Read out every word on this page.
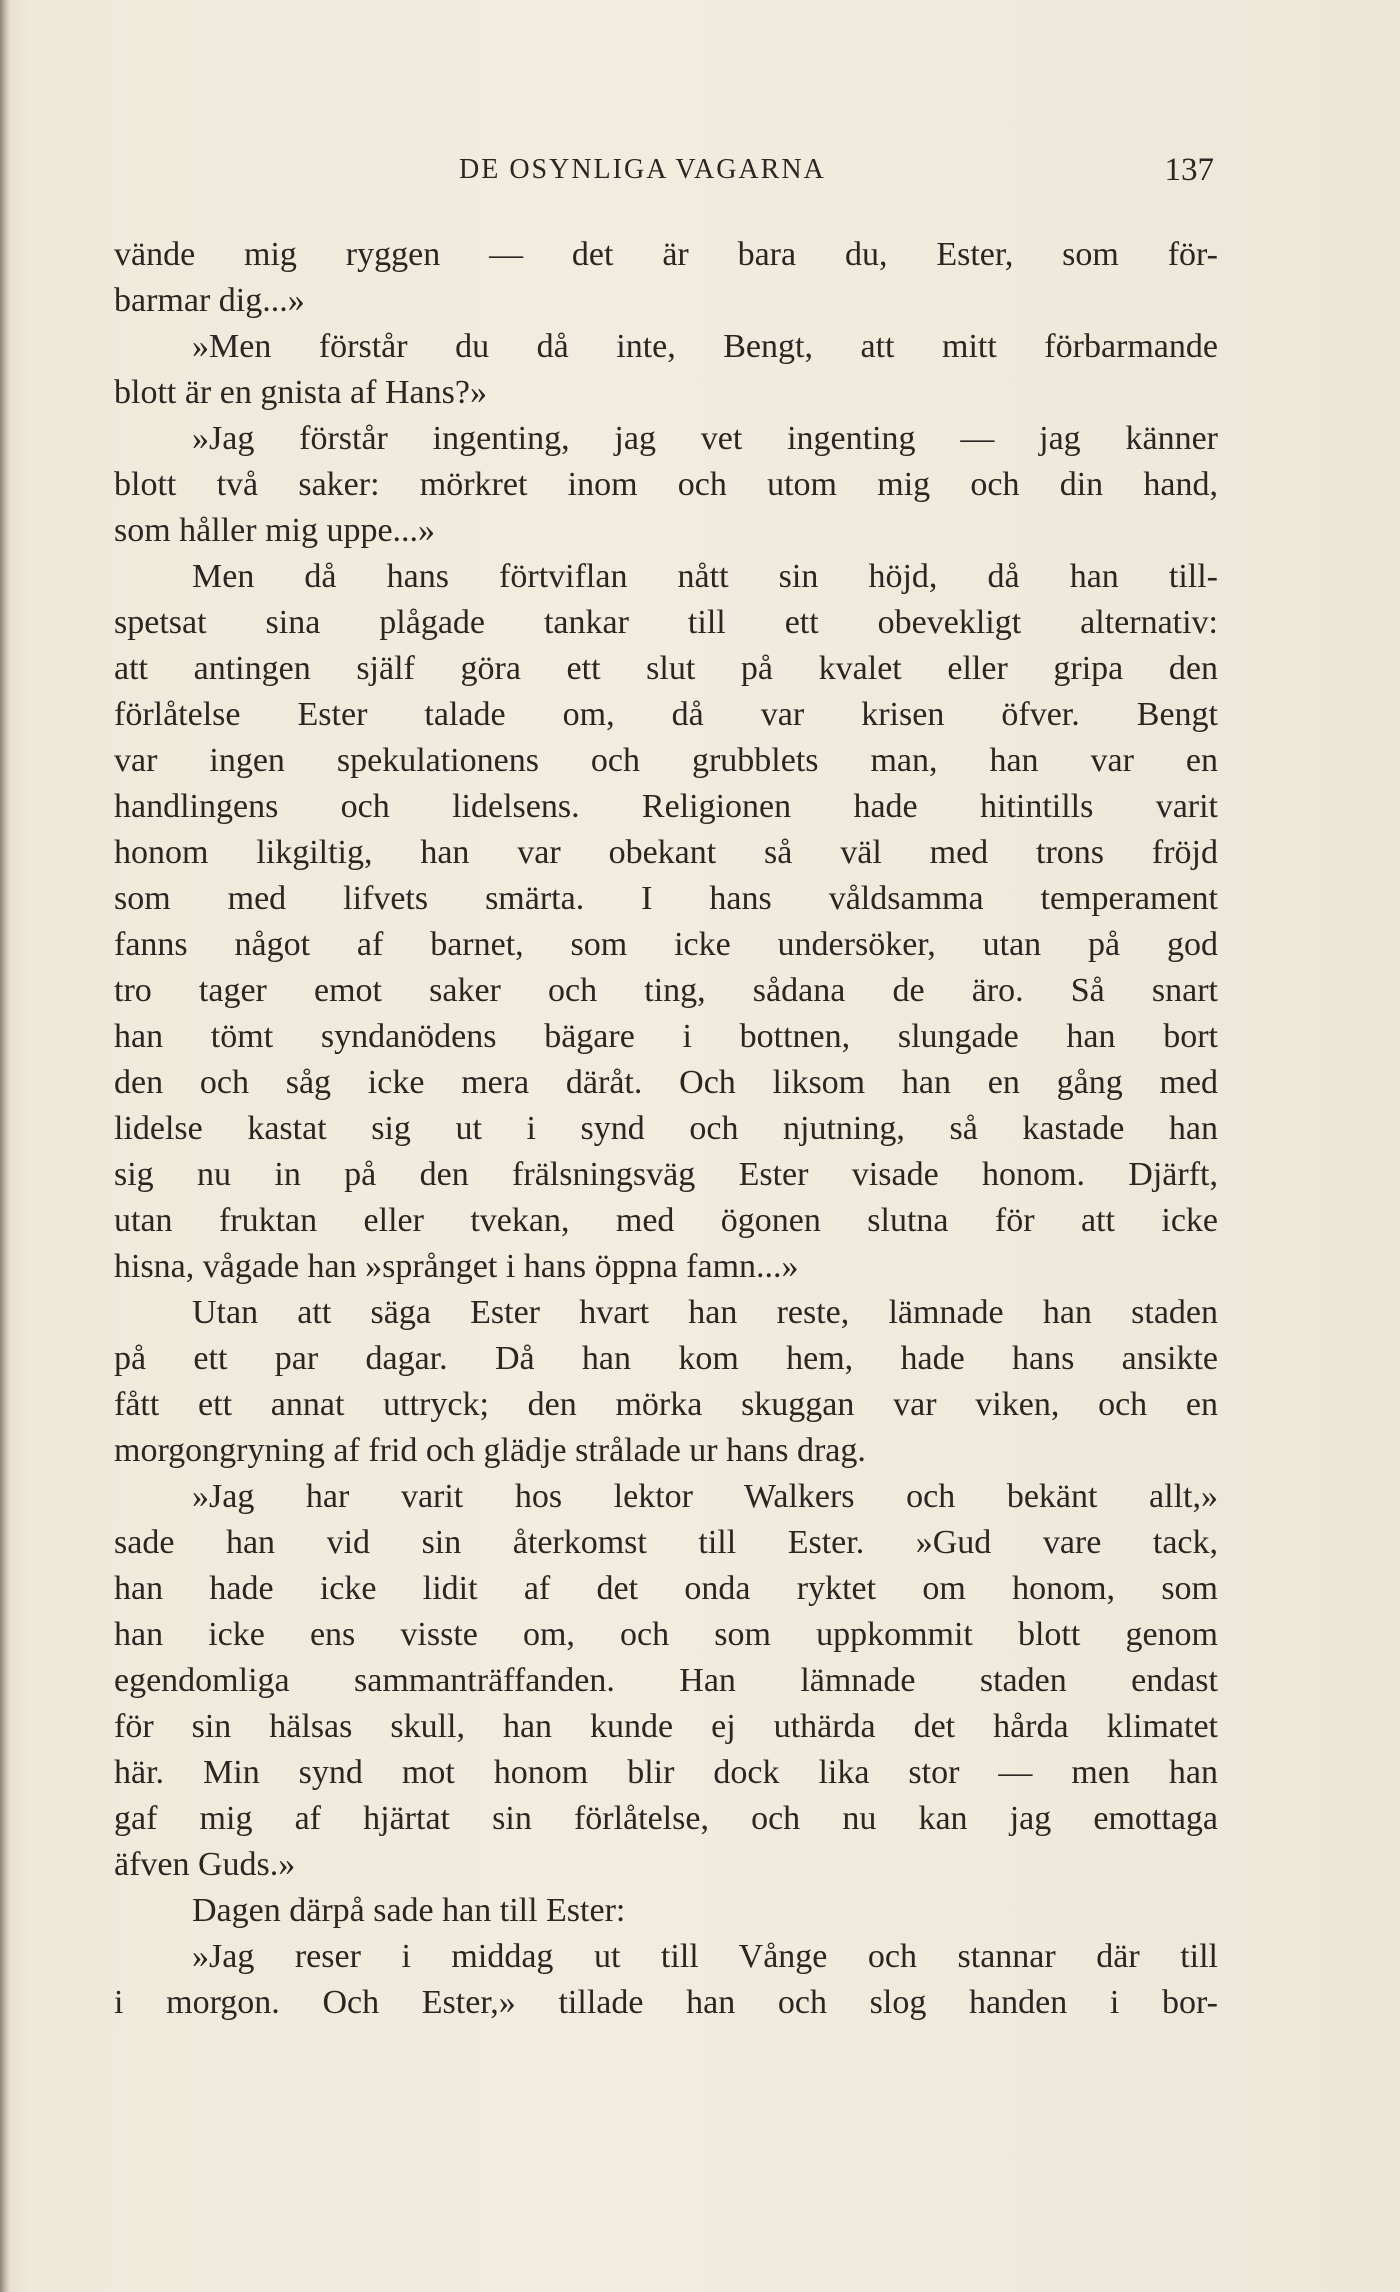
DE OSYNLIGA VAGARNA	137
vände mig ryggen — det är bara du, Ester, som för-
barmar dig...»
»Men förstår du då inte, Bengt, att mitt förbarmande
blott är en gnista af Hans?»
»Jag förstår ingenting, jag vet ingenting — jag känner
blott två saker: mörkret inom och utom mig och din hand,
som håller mig uppe...»
Men då hans förtviflan nått sin höjd, då han till-
spetsat sina plågade tankar till ett obevekligt alternativ:
att antingen själf göra ett slut på kvalet eller gripa den
förlåtelse Ester talade om, då var krisen öfver. Bengt
var ingen spekulationens och grubblets man, han var en
handlingens och lidelsens. Religionen hade hitintills varit
honom likgiltig, han var obekant så väl med trons fröjd
som med lifvets smärta. I hans våldsamma temperament
fanns något af barnet, som icke undersöker, utan på god
tro tager emot saker och ting, sådana de äro. Så snart
han tömt syndanödens bägare i bottnen, slungade han bort
den och såg icke mera däråt. Och liksom han en gång med
lidelse kastat sig ut i synd och njutning, så kastade han
sig nu in på den frälsningsväg Ester visade honom. Djärft,
utan fruktan eller tvekan, med ögonen slutna för att icke
hisna, vågade han »språnget i hans öppna famn...»
Utan att säga Ester hvart han reste, lämnade han staden
på ett par dagar. Då han kom hem, hade hans ansikte
fått ett annat uttryck; den mörka skuggan var viken, och en
morgongryning af frid och glädje strålade ur hans drag.
»Jag har varit hos lektor Walkers och bekänt allt,»
sade han vid sin återkomst till Ester. »Gud vare tack,
han hade icke lidit af det onda ryktet om honom, som
han icke ens visste om, och som uppkommit blott genom
egendomliga sammanträffanden. Han lämnade staden endast
för sin hälsas skull, han kunde ej uthärda det hårda klimatet
här. Min synd mot honom blir dock lika stor — men han
gaf mig af hjärtat sin förlåtelse, och nu kan jag emottaga
äfven Guds.»
Dagen därpå sade han till Ester:
»Jag reser i middag ut till Vånge och stannar där till
i morgon. Och Ester,» tillade han och slog handen i bor-
